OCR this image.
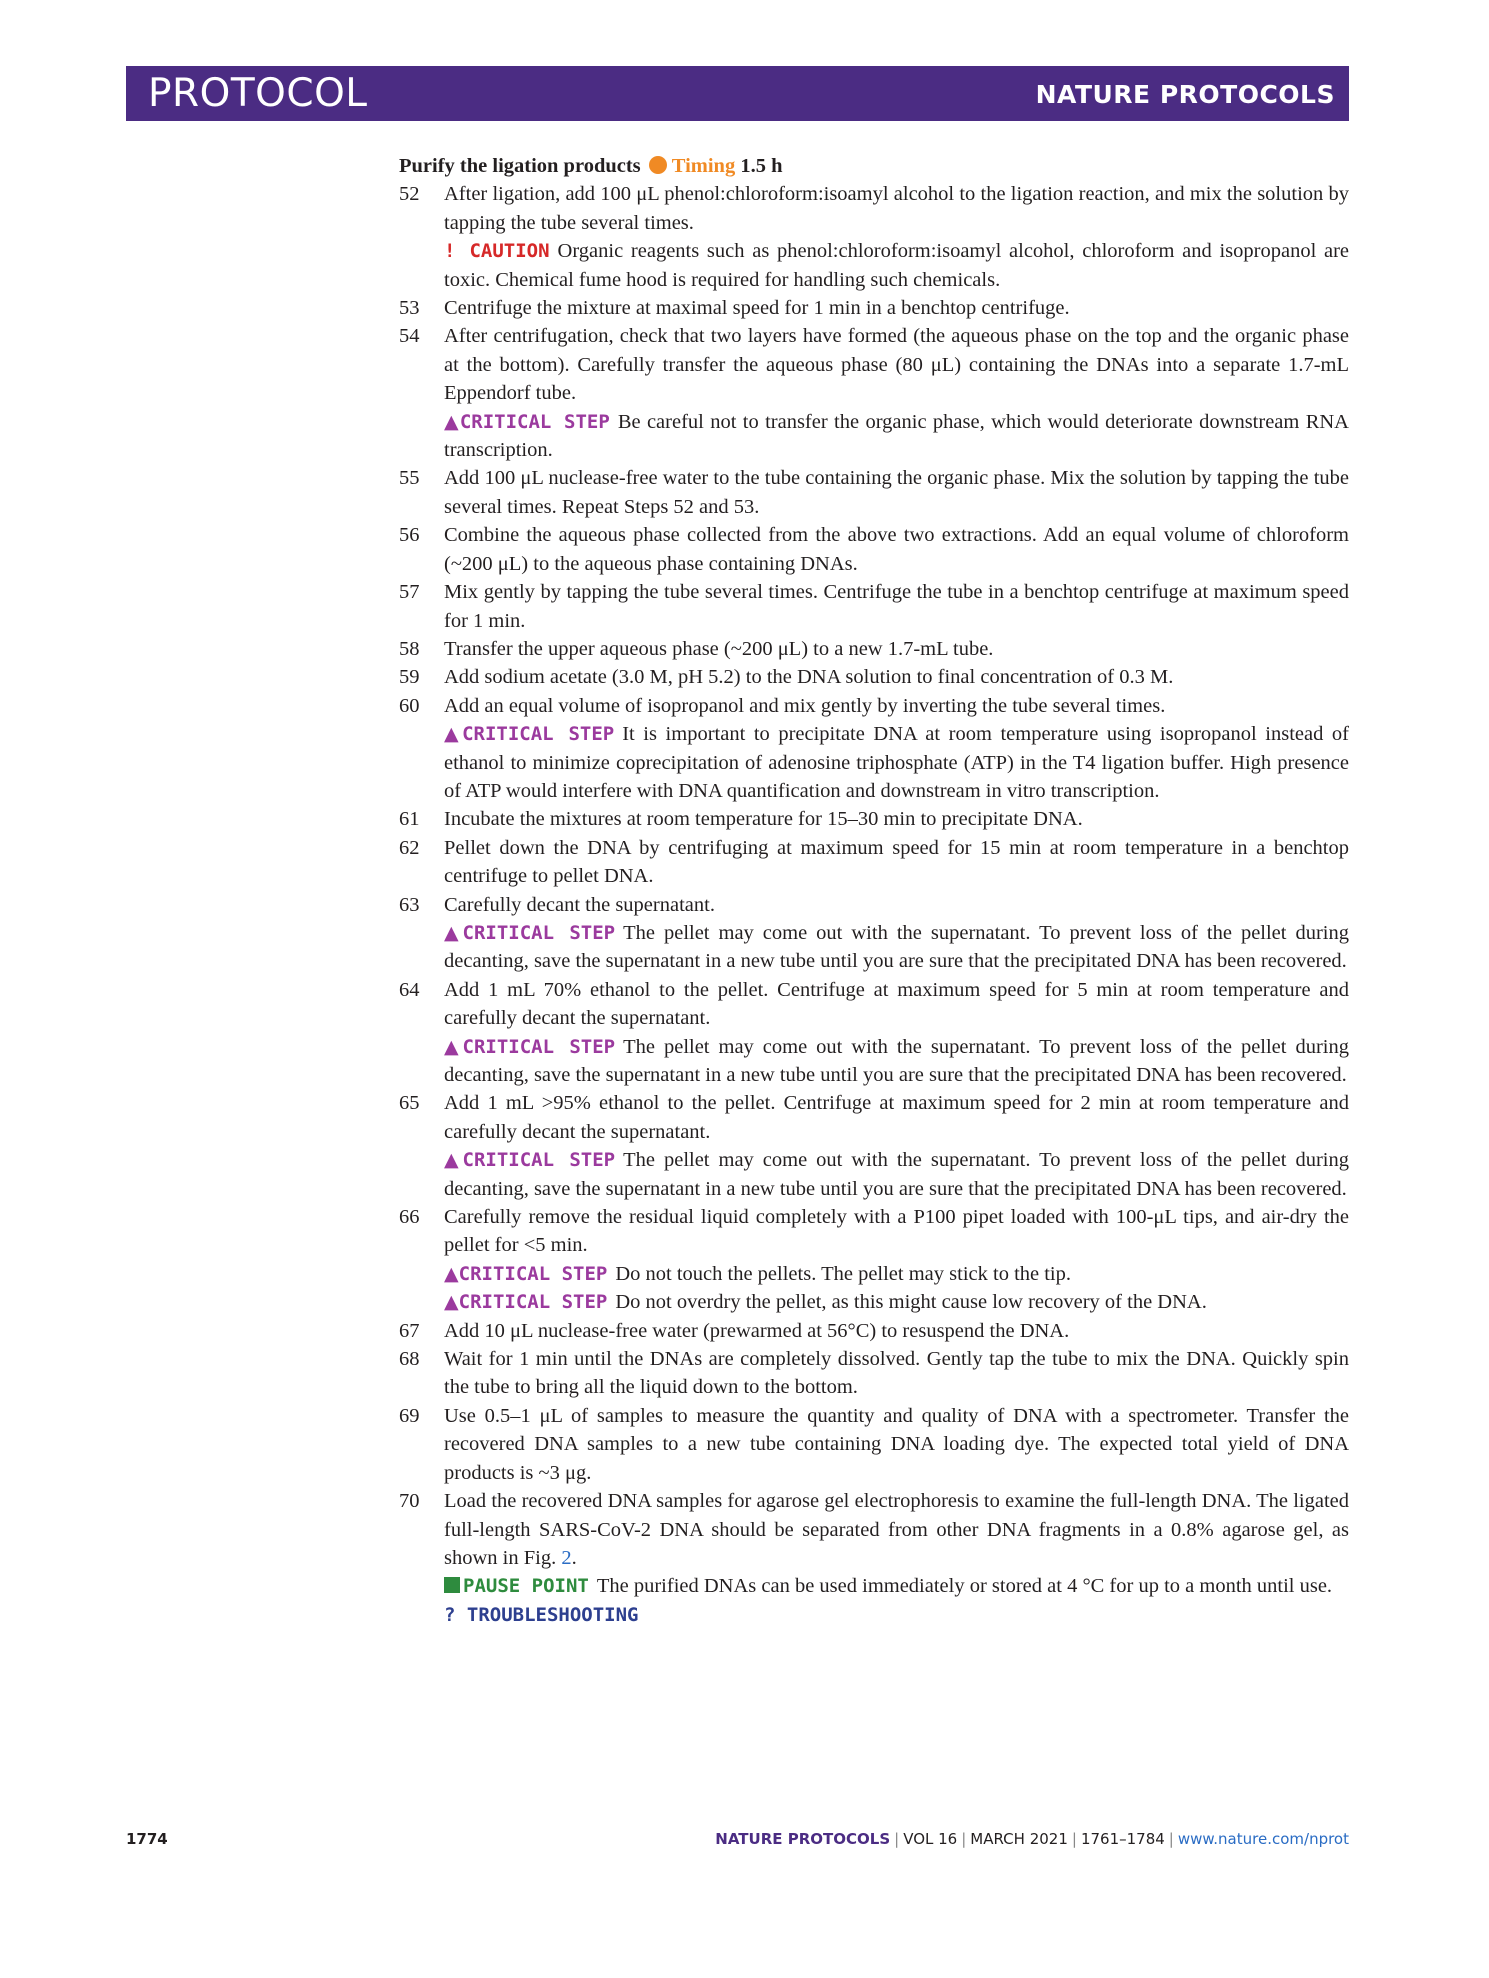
PROTOCOL	NATURE PROTOCOLS
Purify the ligation products Timing 1.5 h
52 After ligation, add 100 μL phenol:chloroform:isoamyl alcohol to the ligation reaction, and mix the solution by tapping the tube several times.
! CAUTION Organic reagents such as phenol:chloroform:isoamyl alcohol, chloroform and isopropanol are toxic. Chemical fume hood is required for handling such chemicals.
53 Centrifuge the mixture at maximal speed for 1 min in a benchtop centrifuge.
54 After centrifugation, check that two layers have formed (the aqueous phase on the top and the organic phase at the bottom). Carefully transfer the aqueous phase (80 μL) containing the DNAs into a separate 1.7-mL Eppendorf tube.
▲CRITICAL STEP Be careful not to transfer the organic phase, which would deteriorate downstream RNA transcription.
55 Add 100 μL nuclease-free water to the tube containing the organic phase. Mix the solution by tapping the tube several times. Repeat Steps 52 and 53.
56 Combine the aqueous phase collected from the above two extractions. Add an equal volume of chloroform (~200 μL) to the aqueous phase containing DNAs.
57 Mix gently by tapping the tube several times. Centrifuge the tube in a benchtop centrifuge at maximum speed for 1 min.
58 Transfer the upper aqueous phase (~200 μL) to a new 1.7-mL tube.
59 Add sodium acetate (3.0 M, pH 5.2) to the DNA solution to final concentration of 0.3 M.
60 Add an equal volume of isopropanol and mix gently by inverting the tube several times.
▲CRITICAL STEP It is important to precipitate DNA at room temperature using isopropanol instead of ethanol to minimize coprecipitation of adenosine triphosphate (ATP) in the T4 ligation buffer. High presence of ATP would interfere with DNA quantification and downstream in vitro transcription.
61 Incubate the mixtures at room temperature for 15–30 min to precipitate DNA.
62 Pellet down the DNA by centrifuging at maximum speed for 15 min at room temperature in a benchtop centrifuge to pellet DNA.
63 Carefully decant the supernatant.
▲CRITICAL STEP The pellet may come out with the supernatant. To prevent loss of the pellet during decanting, save the supernatant in a new tube until you are sure that the precipitated DNA has been recovered.
64 Add 1 mL 70% ethanol to the pellet. Centrifuge at maximum speed for 5 min at room temperature and carefully decant the supernatant.
▲CRITICAL STEP The pellet may come out with the supernatant. To prevent loss of the pellet during decanting, save the supernatant in a new tube until you are sure that the precipitated DNA has been recovered.
65 Add 1 mL >95% ethanol to the pellet. Centrifuge at maximum speed for 2 min at room temperature and carefully decant the supernatant.
▲CRITICAL STEP The pellet may come out with the supernatant. To prevent loss of the pellet during decanting, save the supernatant in a new tube until you are sure that the precipitated DNA has been recovered.
66 Carefully remove the residual liquid completely with a P100 pipet loaded with 100-μL tips, and air-dry the pellet for <5 min.
▲CRITICAL STEP Do not touch the pellets. The pellet may stick to the tip.
▲CRITICAL STEP Do not overdry the pellet, as this might cause low recovery of the DNA.
67 Add 10 μL nuclease-free water (prewarmed at 56°C) to resuspend the DNA.
68 Wait for 1 min until the DNAs are completely dissolved. Gently tap the tube to mix the DNA. Quickly spin the tube to bring all the liquid down to the bottom.
69 Use 0.5–1 μL of samples to measure the quantity and quality of DNA with a spectrometer. Transfer the recovered DNA samples to a new tube containing DNA loading dye. The expected total yield of DNA products is ~3 μg.
70 Load the recovered DNA samples for agarose gel electrophoresis to examine the full-length DNA. The ligated full-length SARS-CoV-2 DNA should be separated from other DNA fragments in a 0.8% agarose gel, as shown in Fig. 2.
PAUSE POINT The purified DNAs can be used immediately or stored at 4 °C for up to a month until use.
? TROUBLESHOOTING
1774	NATURE PROTOCOLS | VOL 16 | MARCH 2021 | 1761–1784 | www.nature.com/nprot
